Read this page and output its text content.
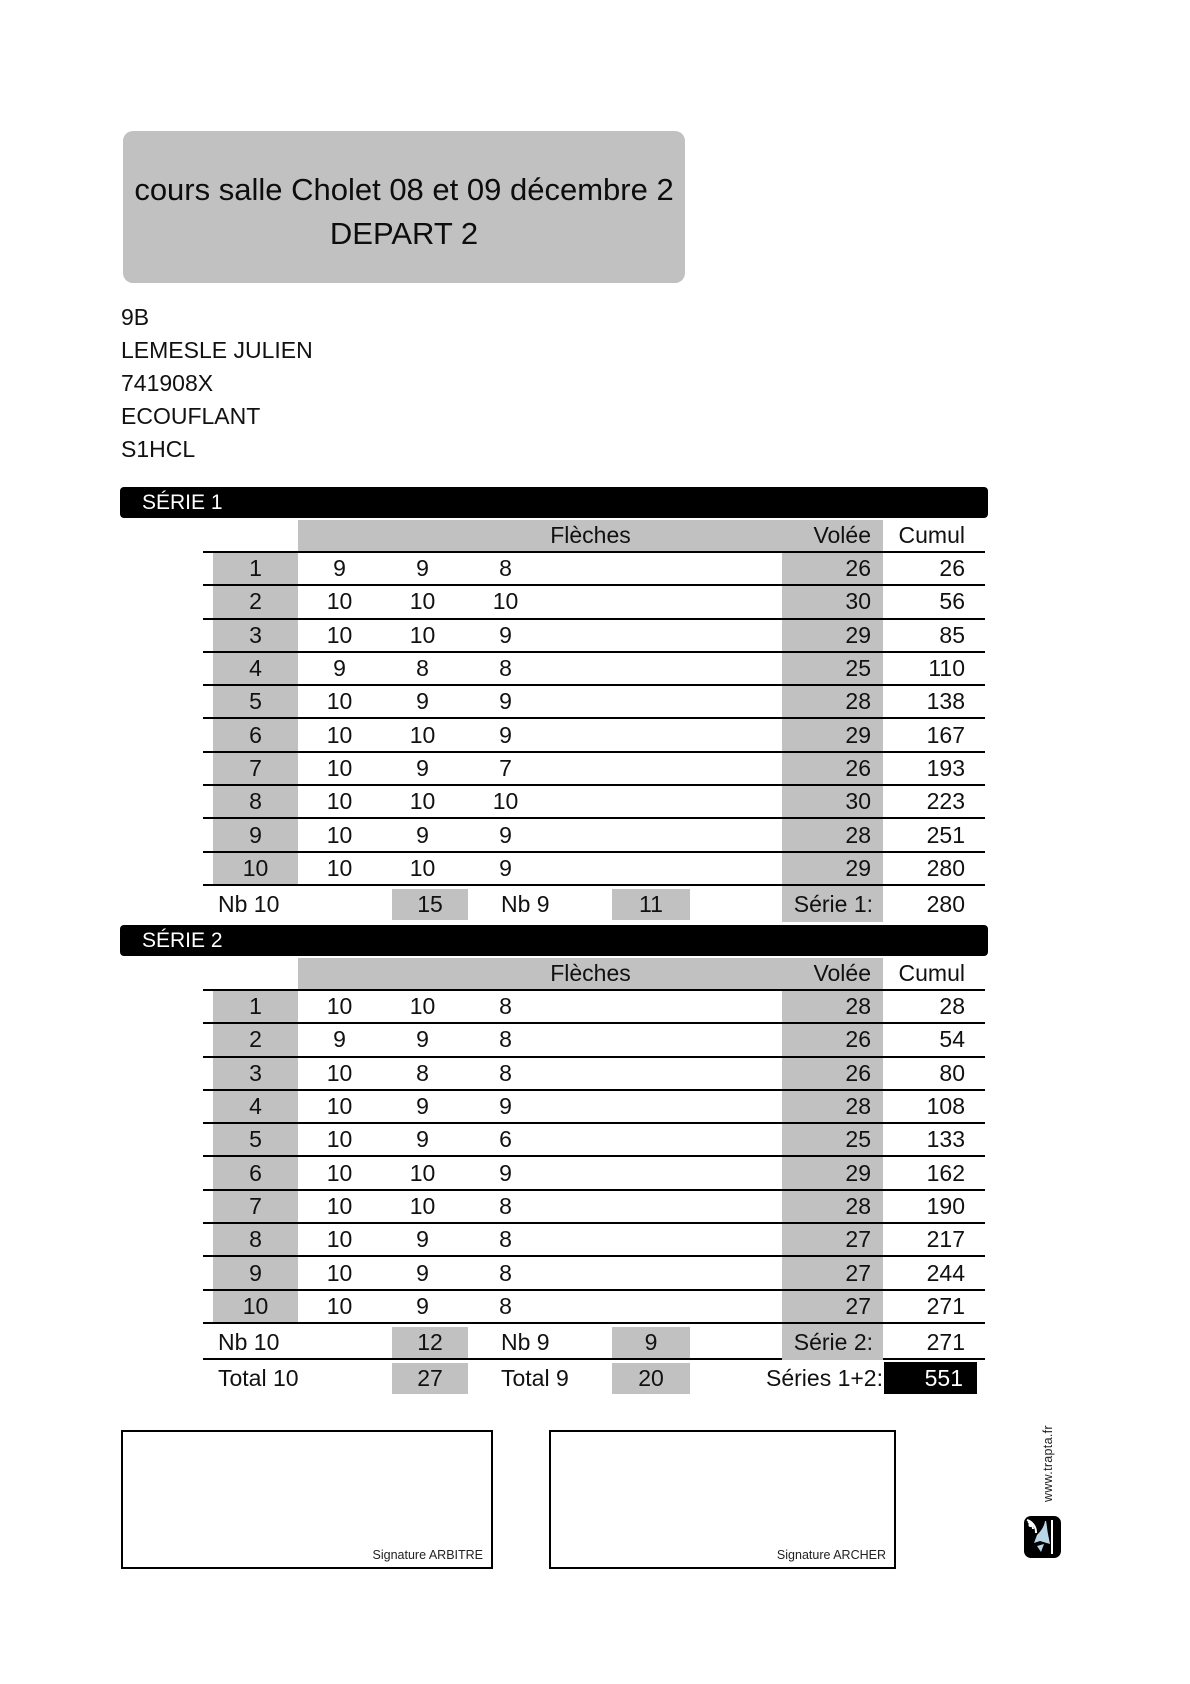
cours salle Cholet 08 et 09 décembre 2
DEPART 2
9B
LEMESLE JULIEN
741908X
ECOUFLANT
S1HCL
SÉRIE 1
Flèches	Volée	Cumul
1	9	9	8	26	26
2	10	10	10	30	56
3	10	10	9	29	85
4	9	8	8	25	110
5	10	9	9	28	138
6	10	10	9	29	167
7	10	9	7	26	193
8	10	10	10	30	223
9	10	9	9	28	251
10	10	10	9	29	280
Nb 10	15	Nb 9	11	Série 1:	280
SÉRIE 2
Flèches	Volée	Cumul
1	10	10	8	28	28
2	9	9	8	26	54
3	10	8	8	26	80
4	10	9	9	28	108
5	10	9	6	25	133
6	10	10	9	29	162
7	10	10	8	28	190
8	10	9	8	27	217
9	10	9	8	27	244
10	10	9	8	27	271
Nb 10	12	Nb 9	9	Série 2:	271
Total 10	27	Total 9	20	Séries 1+2:	551
Signature ARBITRE	Signature ARCHER
www.trapta.fr
